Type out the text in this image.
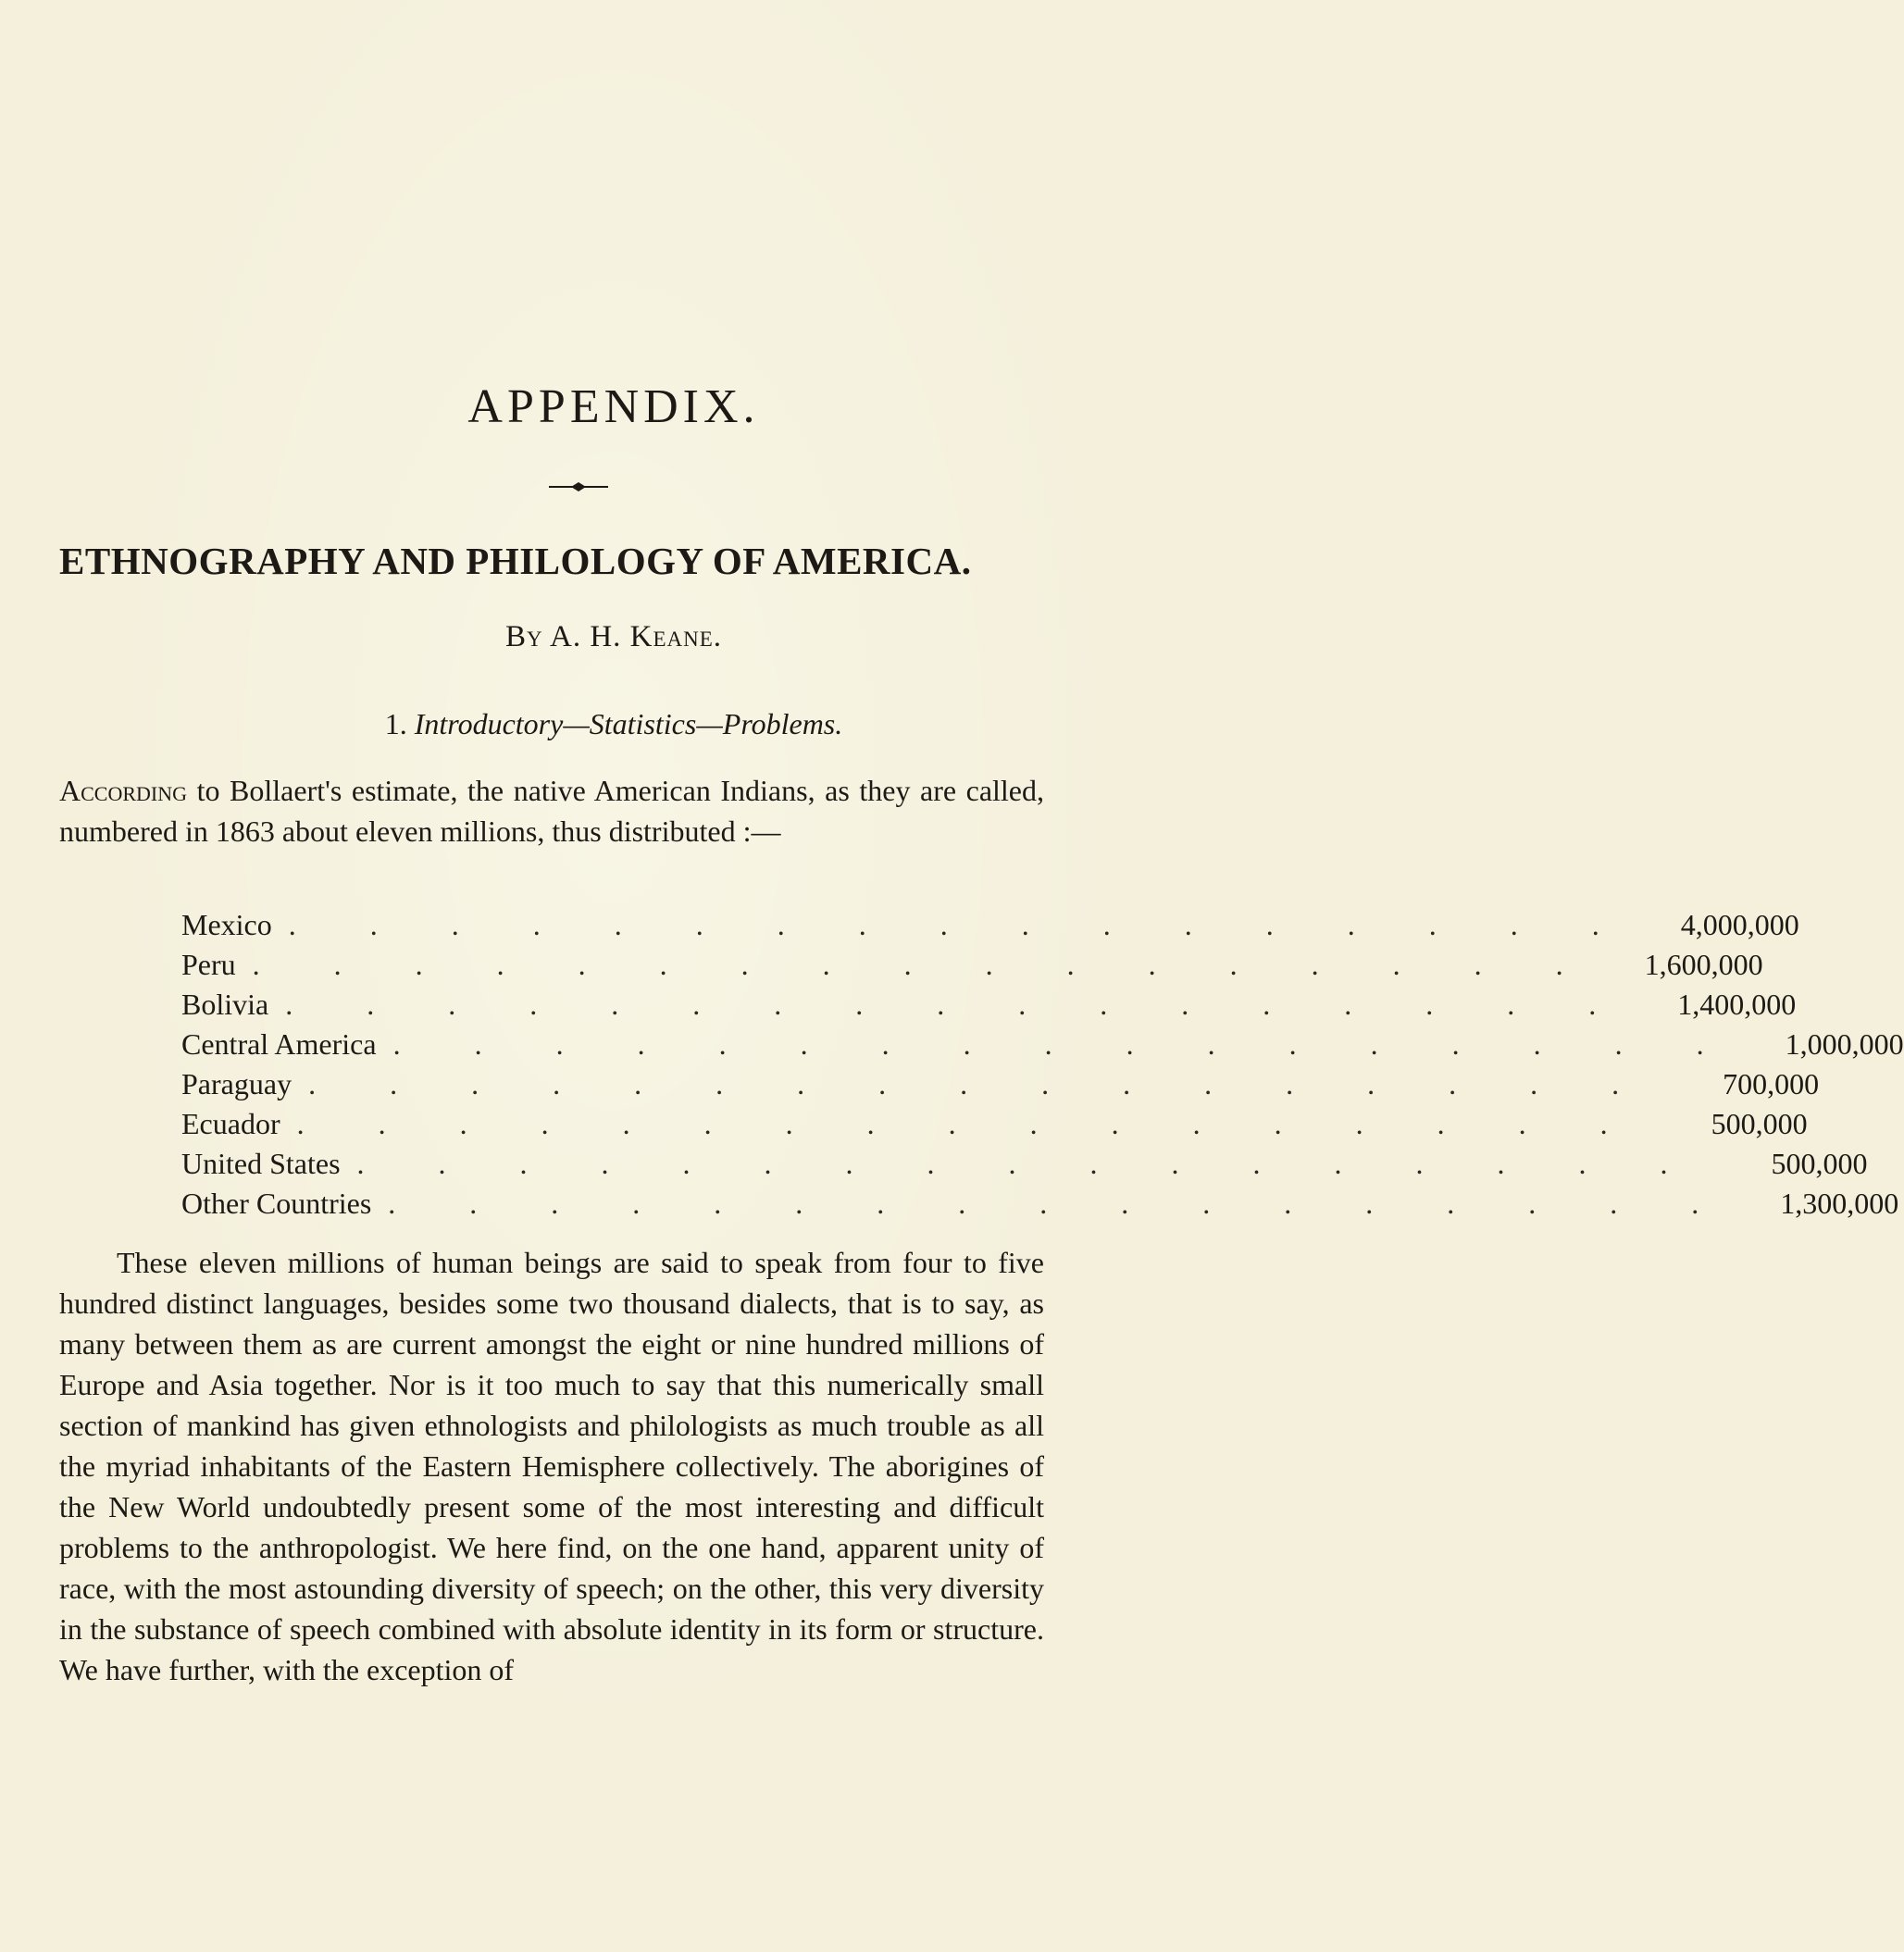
APPENDIX.
ETHNOGRAPHY AND PHILOLOGY OF AMERICA.

By A. H. Keane.

1. Introductory—Statistics—Problems.

According to Bollaert's estimate, the native American Indians, as they are called, numbered in 1863 about eleven millions, thus distributed :—

Mexico . . . . . . . . . . . . . . . . .	4,000,000
Peru . . . . . . . . . . . . . . . . .	1,600,000
Bolivia . . . . . . . . . . . . . . . . .	1,400,000
Central America . . . . . . . . . . . . . . . . .	1,000,000
Paraguay . . . . . . . . . . . . . . . . .	700,000
Ecuador . . . . . . . . . . . . . . . . .	500,000
United States . . . . . . . . . . . . . . . . .	500,000
Other Countries . . . . . . . . . . . . . . . . .	1,300,000

These eleven millions of human beings are said to speak from four to five hundred distinct languages, besides some two thousand dialects, that is to say, as many between them as are current amongst the eight or nine hundred millions of Europe and Asia together. Nor is it too much to say that this numerically small section of mankind has given ethnologists and philologists as much trouble as all the myriad inhabitants of the Eastern Hemisphere collectively. The aborigines of the New World undoubtedly present some of the most interesting and difficult problems to the anthropologist. We here find, on the one hand, apparent unity of race, with the most astounding diversity of speech; on the other, this very diversity in the substance of speech combined with absolute identity in its form or structure. We have further, with the exception of
